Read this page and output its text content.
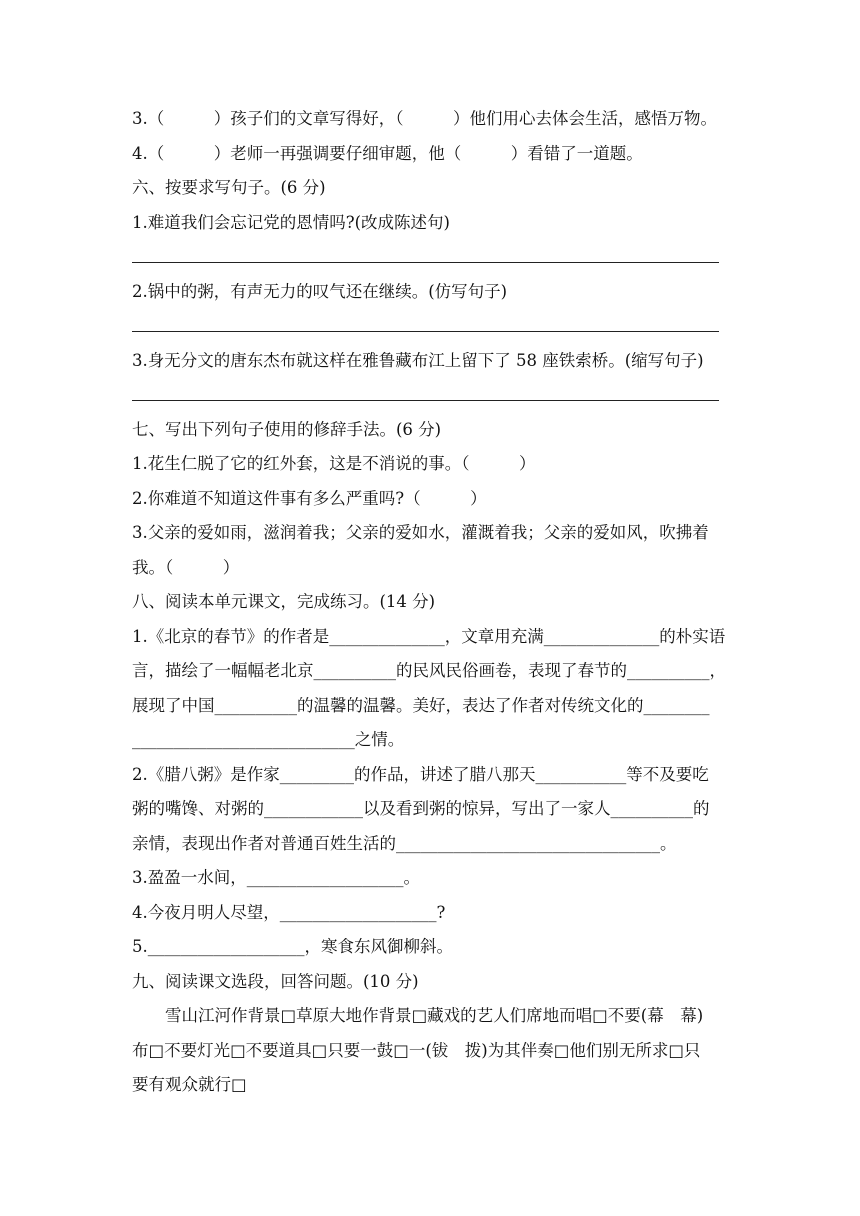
3.（　　　）孩子们的文章写得好，（　　　）他们用心去体会生活，感悟万物。
4.（　　　）老师一再强调要仔细审题，他（　　　）看错了一道题。
六、按要求写句子。(6 分)
1.难道我们会忘记党的恩情吗?(改成陈述句)
2.锅中的粥，有声无力的叹气还在继续。(仿写句子)
3.身无分文的唐东杰布就这样在雅鲁藏布江上留下了 58 座铁索桥。(缩写句子)
七、写出下列句子使用的修辞手法。(6 分)
1.花生仁脱了它的红外套，这是不消说的事。（　　　）
2.你难道不知道这件事有多么严重吗?（　　　）
3.父亲的爱如雨，滋润着我；父亲的爱如水，灌溉着我；父亲的爱如风，吹拂着
我。（　　　）
八、阅读本单元课文，完成练习。(14 分)
1.《北京的春节》的作者是______________，文章用充满______________的朴实语
言，描绘了一幅幅老北京__________的民风民俗画卷，表现了春节的__________，
展现了中国__________的温馨的温馨。美好，表达了作者对传统文化的________
___________________________之情。
2.《腊八粥》是作家_________的作品，讲述了腊八那天___________等不及要吃
粥的嘴馋、对粥的____________以及看到粥的惊异，写出了一家人__________的
亲情，表现出作者对普通百姓生活的________________________________。
3.盈盈一水间，___________________。
4.今夜月明人尽望，___________________?
5.___________________，寒食东风御柳斜。
九、阅读课文选段，回答问题。(10 分)
雪山江河作背景□草原大地作背景□藏戏的艺人们席地而唱□不要(幕　幕)
布□不要灯光□不要道具□只要一鼓□一(钹　拨)为其伴奏□他们别无所求□只
要有观众就行□
